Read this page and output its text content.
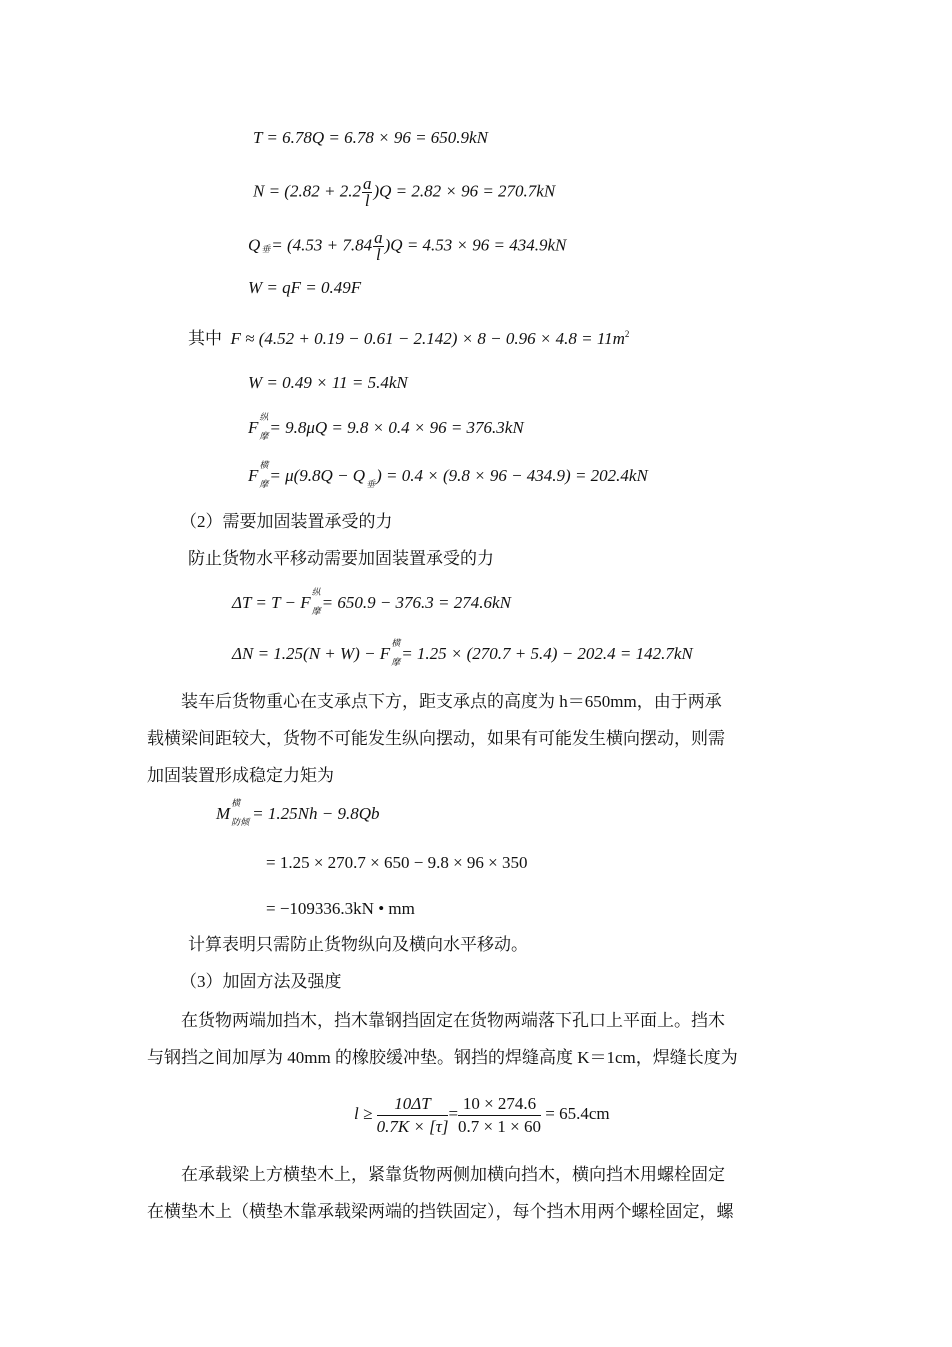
T = 6.78Q = 6.78 × 96 = 650.9kN
$N = (2.82 + 2.2 \frac{a}{l} )Q = 2.82 \times 96 = 270.7kN$
Q 垂 = $(4.53 + 7.84 \frac{a}{l} )Q = 4.53 \times 96 = 434.9kN$
W = qF = 0.49F
其中 $F \approx (4.52 + 0.19 - 0.61 - 2.142) \times 8 - 0.96 \times 4.8 = 11m^2$
W = 0.49 × 11 = 5.4kN
F
纵
摩 = 9.8μQ = 9.8 × 0.4 × 96 = 376.3kN
F
横
摩 = μ(9.8Q − Q 垂 ) = 0.4 × (9.8 × 96 − 434.9) = 202.4kN
（2）需要加固装置承受的力
防止货物水平移动需要加固装置承受的力
ΔT = T − F
纵
摩 = 650.9 − 376.3 = 274.6kN
ΔN = 1.25(N + W) − F
横
摩 = 1.25 × (270.7 + 5.4) − 202.4 = 142.7kN
装车后货物重心在支承点下方，距支承点的高度为 h＝650mm，由于两承
载横梁间距较大，货物不可能发生纵向摆动，如果有可能发生横向摆动，则需
加固装置形成稳定力矩为
M
横
防倾 = 1.25Nh − 9.8Qb
= 1.25 × 270.7 × 650 − 9.8 × 96 × 350
= −109336.3kN • mm
计算表明只需防止货物纵向及横向水平移动。
（3）加固方法及强度
在货物两端加挡木，挡木靠钢挡固定在货物两端落下孔口上平面上。挡木
与钢挡之间加厚为 40mm 的橡胶缓冲垫。钢挡的焊缝高度 K＝1cm，焊缝长度为
$l \ge \frac{10\Delta T}{0.7K \times [\tau]} = \frac{10 \times 274.6}{0.7 \times 1 \times 60} = 65.4cm$
在承载梁上方横垫木上，紧靠货物两侧加横向挡木，横向挡木用螺栓固定
在横垫木上（横垫木靠承载梁两端的挡铁固定），每个挡木用两个螺栓固定，螺
